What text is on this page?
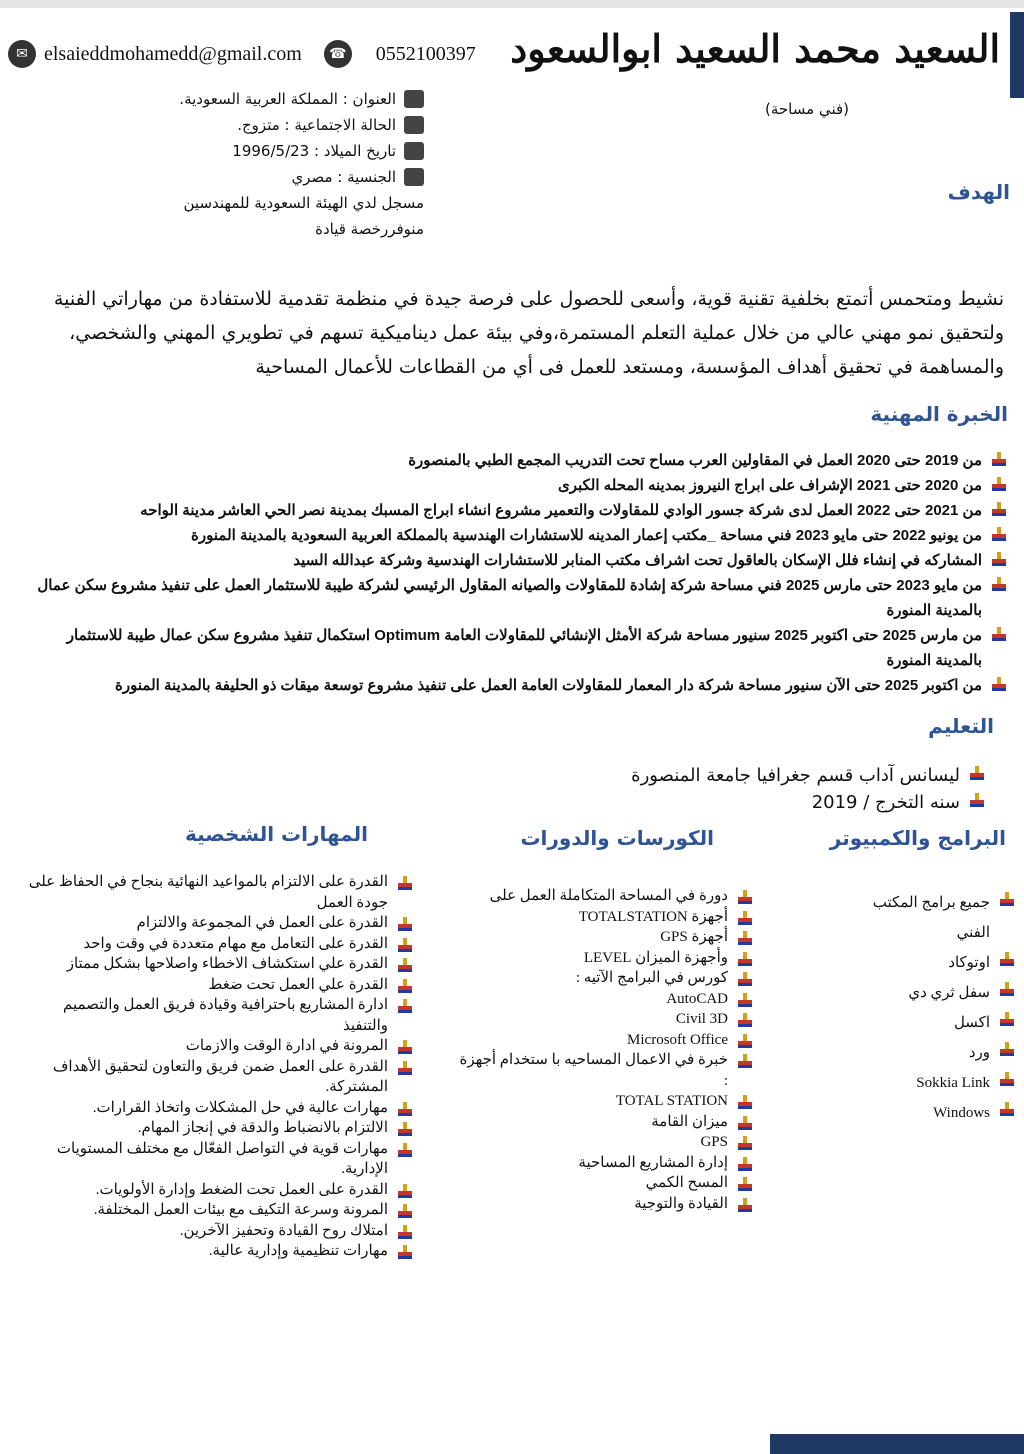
السعيد محمد السعيد ابوالسعود
✉ elsaieddmohamedd@gmail.com	☎ 0552100397
(فني مساحة)
العنوان : المملكة العربية السعودية.
الحالة الاجتماعية : متزوج.
تاريخ الميلاد : 1996/5/23
الجنسية : مصري
مسجل لدي الهيئة السعودية للمهندسين
منوفررخصة قيادة
الهدف
نشيط ومتحمس أتمتع بخلفية تقنية قوية، وأسعى للحصول على فرصة جيدة في منظمة تقدمية للاستفادة من مهاراتي الفنية ولتحقيق نمو مهني عالي من خلال عملية التعلم المستمرة،وفي بيئة عمل ديناميكية تسهم في تطويري المهني والشخصي، والمساهمة في تحقيق أهداف المؤسسة، ومستعد للعمل فى أي من القطاعات للأعمال المساحية
الخبرة المهنية
من 2019 حتى 2020 العمل في المقاولين العرب مساح تحت التدريب المجمع الطبي بالمنصورة
من 2020 حتى 2021 الإشراف على ابراج النيروز بمدينه المحله الكبرى
من 2021 حتى 2022 العمل لدى شركة جسور الوادي للمقاولات والتعمير مشروع انشاء ابراج المسبك بمدينة نصر الحي العاشر مدينة الواحه
من يونيو 2022 حتى مايو 2023 فني مساحة _مكتب إعمار المدينه للاستشارات الهندسية بالمملكة العربية السعودية بالمدينة المنورة
المشاركه في إنشاء فلل الإسكان بالعاقول تحت اشراف مكتب المنابر للاستشارات الهندسية وشركة عبدالله السيد
من مايو 2023 حتى مارس 2025 فني مساحة شركة إشادة للمقاولات والصيانه المقاول الرئيسي لشركة طيبة للاستثمار العمل على تنفيذ مشروع سكن عمال بالمدينة المنورة
من مارس 2025 حتى اكتوبر 2025 سنيور مساحة شركة الأمثل الإنشائي للمقاولات العامة Optimum استكمال تنفيذ مشروع سكن عمال طيبة للاستثمار بالمدينة المنورة
من اكتوبر 2025 حتى الآن سنيور مساحة شركة دار المعمار للمقاولات العامة العمل على تنفيذ مشروع توسعة ميقات ذو الحليفة بالمدينة المنورة
التعليم
ليسانس آداب قسم جغرافيا جامعة المنصورة
سنه التخرج / 2019
البرامج والكمبيوتر
جميع برامج المكتب الفني
اوتوكاد
سفل ثري دي
اكسل
ورد
Sokkia Link
Windows
الكورسات والدورات
دورة في المساحة المتكاملة العمل على
أجهزة TOTALSTATION
أجهزة GPS
وأجهزة الميزان LEVEL
كورس في البرامج الآتيه :
AutoCAD
Civil 3D
Microsoft Office
خبرة في الاعمال المساحيه با ستخدام أجهزة :
TOTAL STATION
ميزان القامة
GPS
إدارة المشاريع المساحية
المسح الكمي
القيادة والتوجية
المهارات الشخصية
القدرة على الالتزام بالمواعيد النهائية بنجاح في الحفاظ على جودة العمل
القدرة على العمل في المجموعة والالتزام
القدرة على التعامل مع مهام متعددة في وقت واحد
القدرة علي استكشاف الاخطاء واصلاحها بشكل ممتاز
القدرة علي العمل تحت ضغط
ادارة المشاريع باحترافية وقيادة فريق العمل والتصميم والتنفيذ
المرونة في ادارة الوقت والازمات
القدرة على العمل ضمن فريق والتعاون لتحقيق الأهداف المشتركة.
مهارات عالية في حل المشكلات واتخاذ القرارات.
الالتزام بالانضباط والدقة في إنجاز المهام.
مهارات قوية في التواصل الفعّال مع مختلف المستويات الإدارية.
القدرة على العمل تحت الضغط وإدارة الأولويات.
المرونة وسرعة التكيف مع بيئات العمل المختلفة.
امتلاك روح القيادة وتحفيز الآخرين.
مهارات تنظيمية وإدارية عالية.
